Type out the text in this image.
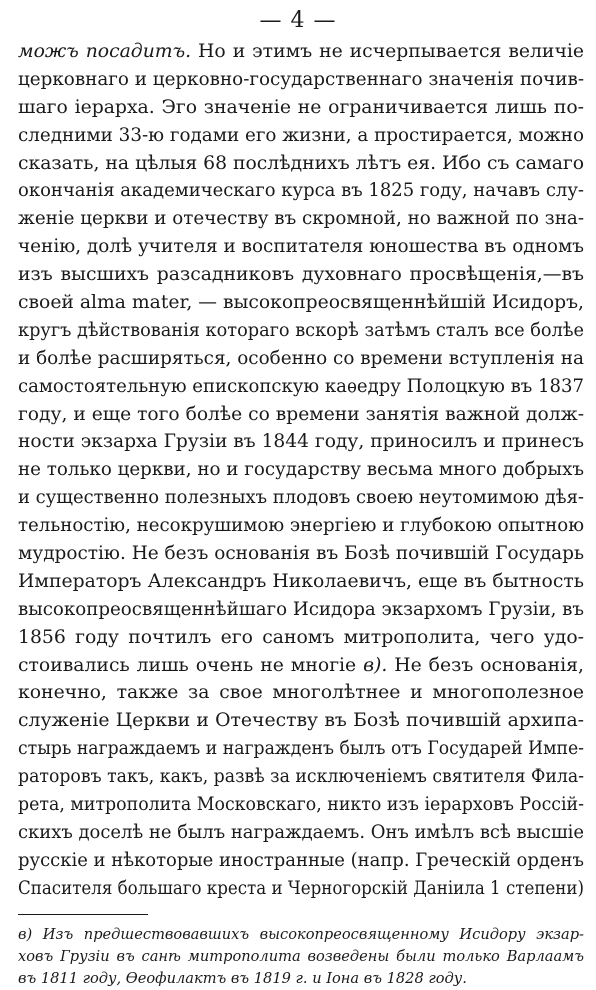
— 4 —
можъ посадитъ. Но и этимъ не исчерпывается величiе
церковнаго и церковно-государственнаго значенiя почив-
шаго iерарха. Эго значенiе не ограничивается лишь по-
следними 33-ю годами его жизни, а простирается, можно
сказать, на цѣлыя 68 послѣднихъ лѣтъ ея. Ибо съ самаго
окончанiя академическаго курса въ 1825 году, начавъ слу-
женiе церкви и отечеству въ скромной, но важной по зна-
ченiю, долѣ учителя и воспитателя юношества въ одномъ
изъ высшихъ разсадниковъ духовнаго просвѣщенiя,—въ
своей alma mater, — высокопреосвященнѣйшiй Исидоръ,
кругъ дѣйствованiя котораго вскорѣ затѣмъ сталъ все болѣе
и болѣе расширяться, особенно со времени вступленiя на
самостоятельную епископскую каѳедру Полоцкую въ 1837
году, и еще того болѣе со времени занятiя важной долж-
ности экзарха Грузiи въ 1844 году, приносилъ и принесъ
не только церкви, но и государству весьма много добрыхъ
и существенно полезныхъ плодовъ своею неутомимою дѣя-
тельностiю, несокрушимою энергiею и глубокою опытною
мудростiю. Не безъ основанiя въ Бозѣ почившiй Государь
Императоръ Александръ Николаевичъ, еще въ бытность
высокопреосвященнѣйшаго Исидора экзархомъ Грузiи, въ
1856 году почтилъ его саномъ митрополита, чего удо-
стоивались лишь очень не многiе в). Не безъ основанiя,
конечно, также за свое многолѣтнее и многополезное
служенiе Церкви и Отечеству въ Бозѣ почившiй архипа-
стырь награждаемъ и награжденъ былъ отъ Государей Импе-
раторовъ такъ, какъ, развѣ за исключенiемъ святителя Фила-
рета, митрополита Московскаго, никто изъ iерарховъ Россiй-
скихъ доселѣ не былъ награждаемъ. Онъ имѣлъ всѣ высшiе
русскiе и нѣкоторые иностранные (напр. Греческiй орденъ
Спасителя большаго креста и Черногорскiй Данiила 1 степени)
в) Изъ предшествовавшихъ высокопреосвященному Исидору экзар-
ховъ Грузiи въ санѣ митрополита возведены были только Варлаамъ
въ 1811 году, Ѳеофилактъ въ 1819 г. и Iона въ 1828 году.
